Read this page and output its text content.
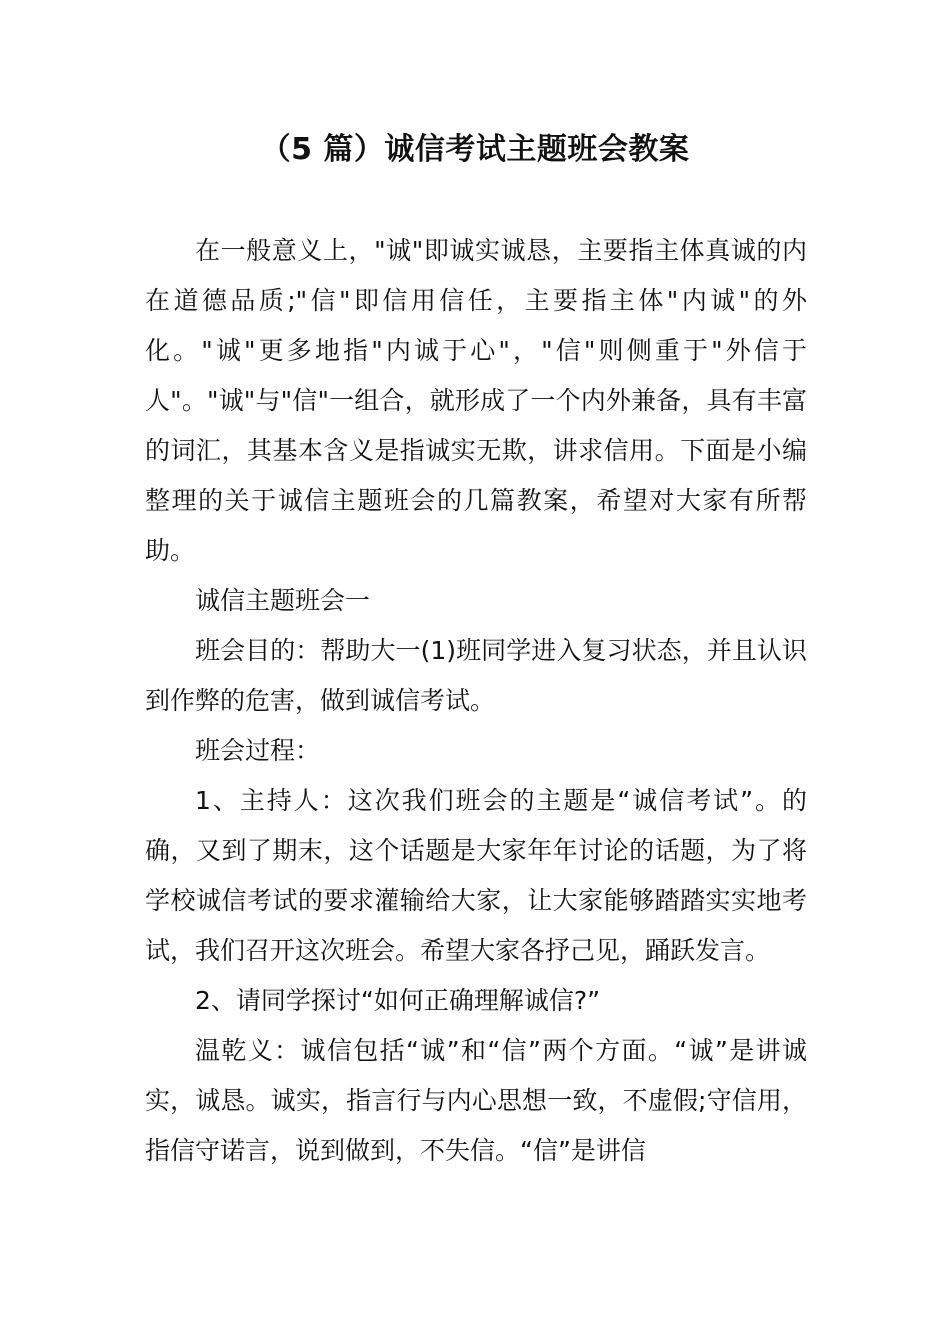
（5 篇）诚信考试主题班会教案

在一般意义上，"诚"即诚实诚恳，主要指主体真诚的内在道德品质;"信"即信用信任，主要指主体"内诚"的外化。"诚"更多地指"内诚于心"，"信"则侧重于"外信于人"。"诚"与"信"一组合，就形成了一个内外兼备，具有丰富的词汇，其基本含义是指诚实无欺，讲求信用。下面是小编整理的关于诚信主题班会的几篇教案，希望对大家有所帮助。

诚信主题班会一

班会目的：帮助大一(1)班同学进入复习状态，并且认识到作弊的危害，做到诚信考试。

班会过程：

1、主持人：这次我们班会的主题是“诚信考试”。的确，又到了期末，这个话题是大家年年讨论的话题，为了将学校诚信考试的要求灌输给大家，让大家能够踏踏实实地考试，我们召开这次班会。希望大家各抒己见，踊跃发言。

2、请同学探讨“如何正确理解诚信?”

温乾义：诚信包括“诚”和“信”两个方面。“诚”是讲诚实，诚恳。诚实，指言行与内心思想一致，不虚假;守信用，指信守诺言，说到做到，不失信。“信”是讲信
